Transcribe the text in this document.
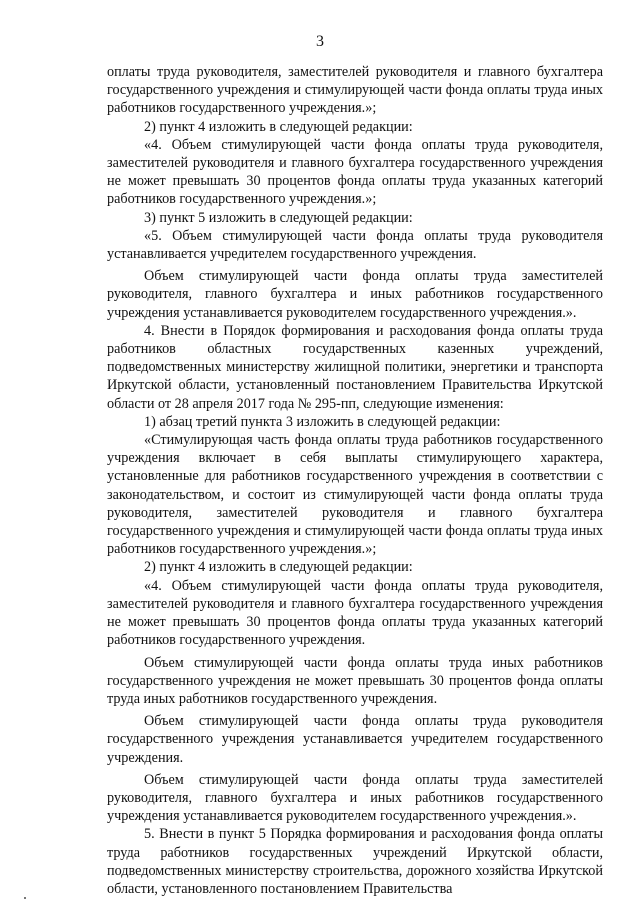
3

оплаты труда руководителя, заместителей руководителя и главного бухгалтера государственного учреждения и стимулирующей части фонда оплаты труда иных работников государственного учреждения.»;

2) пункт 4 изложить в следующей редакции:

«4. Объем стимулирующей части фонда оплаты труда руководителя, заместителей руководителя и главного бухгалтера государственного учреждения не может превышать 30 процентов фонда оплаты труда указанных категорий работников государственного учреждения.»;

3) пункт 5 изложить в следующей редакции:

«5. Объем стимулирующей части фонда оплаты труда руководителя устанавливается учредителем государственного учреждения.

Объем стимулирующей части фонда оплаты труда заместителей руководителя, главного бухгалтера и иных работников государственного учреждения устанавливается руководителем государственного учреждения.».

4. Внести в Порядок формирования и расходования фонда оплаты труда работников областных государственных казенных учреждений, подведомственных министерству жилищной политики, энергетики и транспорта Иркутской области, установленный постановлением Правительства Иркутской области от 28 апреля 2017 года № 295-пп, следующие изменения:

1) абзац третий пункта 3 изложить в следующей редакции:

«Стимулирующая часть фонда оплаты труда работников государственного учреждения включает в себя выплаты стимулирующего характера, установленные для работников государственного учреждения в соответствии с законодательством, и состоит из стимулирующей части фонда оплаты труда руководителя, заместителей руководителя и главного бухгалтера государственного учреждения и стимулирующей части фонда оплаты труда иных работников государственного учреждения.»;

2) пункт 4 изложить в следующей редакции:

«4. Объем стимулирующей части фонда оплаты труда руководителя, заместителей руководителя и главного бухгалтера государственного учреждения не может превышать 30 процентов фонда оплаты труда указанных категорий работников государственного учреждения.

Объем стимулирующей части фонда оплаты труда иных работников государственного учреждения не может превышать 30 процентов фонда оплаты труда иных работников государственного учреждения.

Объем стимулирующей части фонда оплаты труда руководителя государственного учреждения устанавливается учредителем государственного учреждения.

Объем стимулирующей части фонда оплаты труда заместителей руководителя, главного бухгалтера и иных работников государственного учреждения устанавливается руководителем государственного учреждения.».

5. Внести в пункт 5 Порядка формирования и расходования фонда оплаты труда работников государственных учреждений Иркутской области, подведомственных министерству строительства, дорожного хозяйства Иркутской области, установленного постановлением Правительства
